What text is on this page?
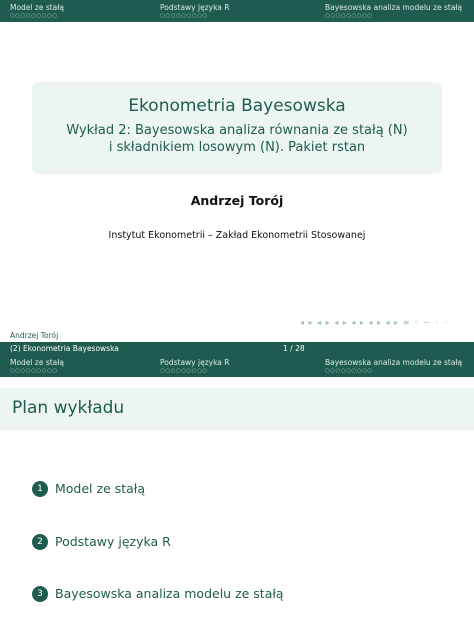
Model ze stałą
○○○○○○○○○
Podstawy języka R
○○○○○○○○○
Bayesowska analiza modelu ze stałą
○○○○○○○○○
Ekonometria Bayesowska
Wykład 2: Bayesowska analiza równania ze stałą (N)
i składnikiem losowym (N). Pakiet rstan
Andrzej Torój
Instytut Ekonometrii – Zakład Ekonometrii Stosowanej
◂ ▸ ◂ ▸ ◂ ▸ ◂ ▸ ◂ ▸ ◂ ▸ ≡ ◦ ∽ ◦ ◦
Andrzej Torój
(2) Ekonometria Bayesowska	1 / 28
Model ze stałą
○○○○○○○○○
Podstawy języka R
○○○○○○○○○
Bayesowska analiza modelu ze stałą
○○○○○○○○○
Plan wykładu
1 Model ze stałą
2 Podstawy języka R
3 Bayesowska analiza modelu ze stałą
